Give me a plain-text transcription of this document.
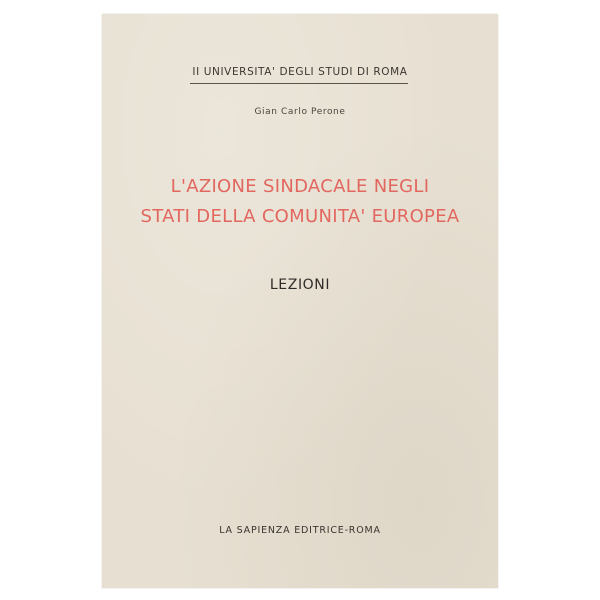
II UNIVERSITA' DEGLI STUDI DI ROMA
Gian Carlo Perone
L'AZIONE SINDACALE NEGLI
STATI DELLA COMUNITA' EUROPEA
LEZIONI
LA SAPIENZA EDITRICE-ROMA
